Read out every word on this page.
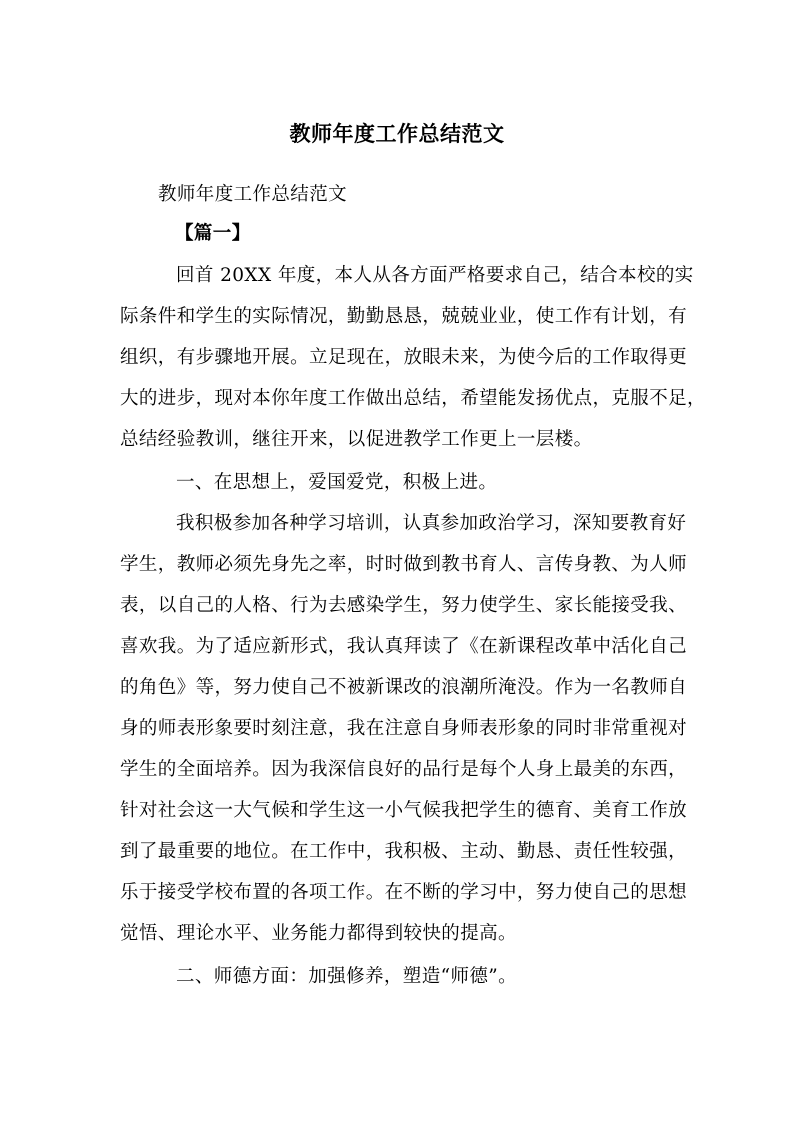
教师年度工作总结范文
教师年度工作总结范文
【篇一】
回首 20XX 年度，本人从各方面严格要求自己，结合本校的实
际条件和学生的实际情况，勤勤恳恳，兢兢业业，使工作有计划，有
组织，有步骤地开展。立足现在，放眼未来，为使今后的工作取得更
大的进步，现对本你年度工作做出总结，希望能发扬优点，克服不足，
总结经验教训，继往开来，以促进教学工作更上一层楼。
一、在思想上，爱国爱党，积极上进。
我积极参加各种学习培训，认真参加政治学习，深知要教育好
学生，教师必须先身先之率，时时做到教书育人、言传身教、为人师
表，以自己的人格、行为去感染学生，努力使学生、家长能接受我、
喜欢我。为了适应新形式，我认真拜读了《在新课程改革中活化自己
的角色》等，努力使自己不被新课改的浪潮所淹没。作为一名教师自
身的师表形象要时刻注意，我在注意自身师表形象的同时非常重视对
学生的全面培养。因为我深信良好的品行是每个人身上最美的东西，
针对社会这一大气候和学生这一小气候我把学生的德育、美育工作放
到了最重要的地位。在工作中，我积极、主动、勤恳、责任性较强，
乐于接受学校布置的各项工作。在不断的学习中，努力使自己的思想
觉悟、理论水平、业务能力都得到较快的提高。
二、师德方面：加强修养，塑造“师德”。
